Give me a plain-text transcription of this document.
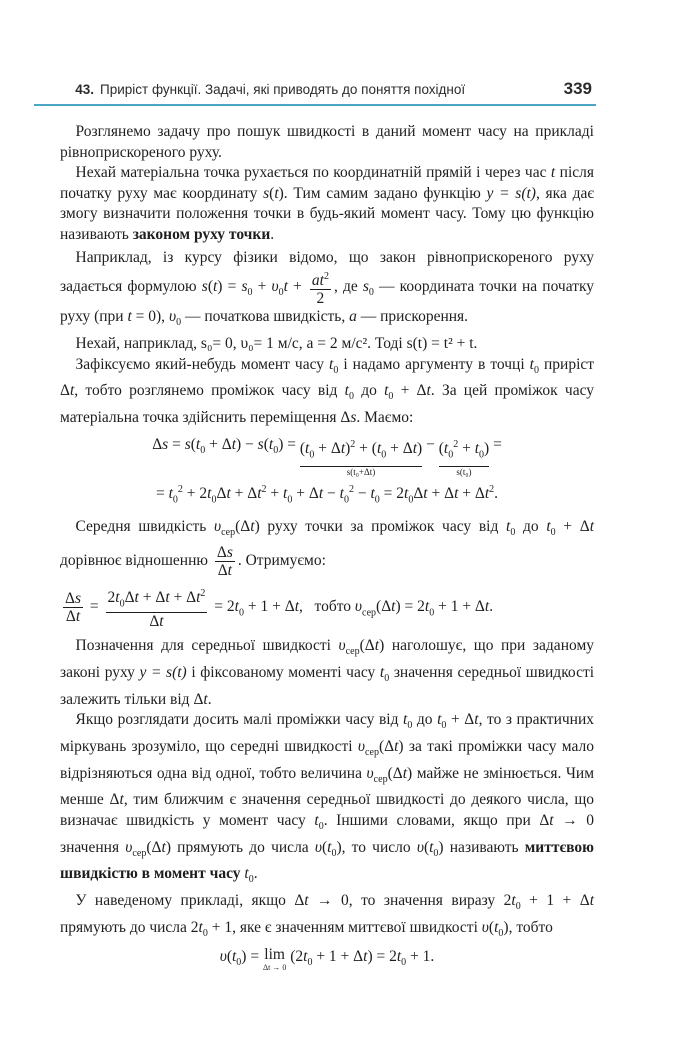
43. Приріст функції. Задачі, які приводять до поняття похідної	339

 Розглянемо задачу про пошук швидкості в даний момент часу на прикладі рівноприскореного руху.

 Нехай матеріальна точка рухається по координатній прямій і через час t після початку руху має координату s(t). Тим самим задано функцію y = s(t), яка дає змогу визначити положення точки в будь-який момент часу. Тому цю функцію називають законом руху точки.

 Наприклад, із курсу фізики відомо, що закон рівноприскореного руху задається формулою $s(t) = s_0 + \upsilon_0t + \frac{at^2}{2}$ , де $s_0$ — координата точки на початку руху (при t = 0), $\upsilon_0$ — початкова швидкість, a — прискорення.

 Нехай, наприклад, s₀= 0, υ₀= 1 м/с, a = 2 м/с². Тоді s(t) = t² + t.

 Зафіксуємо який-небудь момент часу $t_0$ і надамо аргументу в точці $t_0$ приріст Δt, тобто розглянемо проміжок часу від $t_0$ до $t_0 + \Delta t$. За цей проміжок часу матеріальна точка здійснить переміщення Δs. Маємо:

$\Delta s = s(t_0 + \Delta t) - s(t_0) = (t_0 + \Delta t)^2 + (t_0 + \Delta t)$
s(t₀+Δt)
− $(t_0^2 + t_0)$
s(t₀)
=
= $t_0^2 + 2t_0\Delta t + \Delta t^2 + t_0 + \Delta t - t_0^2 - t_0 = 2t_0\Delta t + \Delta t + \Delta t^2$.

 Середня швидкість $\upsilon_{сер}(\Delta t)$ руху точки за проміжок часу від $t_0$ до $t_0 + \Delta t$ дорівнює відношенню $\frac{\Delta s}{\Delta t}$ . Отримуємо:

$\frac{\Delta s}{\Delta t} = \frac{2t_0\Delta t + \Delta t + \Delta t^2}{\Delta t} = 2t_0 + 1 + \Delta t$,   тобто $\upsilon_{сер}(\Delta t) = 2t_0 + 1 + \Delta t$.

 Позначення для середньої швидкості $\upsilon_{сер}(\Delta t)$ наголошує, що при заданому законі руху y = s(t) і фіксованому моменті часу $t_0$ значення середньої швидкості залежить тільки від Δt.

 Якщо розглядати досить малі проміжки часу від $t_0$ до $t_0 + \Delta t$, то з практичних міркувань зрозуміло, що середні швидкості $\upsilon_{сер}(\Delta t)$ за такі проміжки часу мало відрізняються одна від одної, тобто величина $\upsilon_{сер}(\Delta t)$ майже не змінюється. Чим менше Δt, тим ближчим є значення середньої швидкості до деякого числа, що визначає швидкість у момент часу $t_0$. Іншими словами, якщо при Δt → 0 значення $\upsilon_{сер}(\Delta t)$ прямують до числа $\upsilon(t_0)$, то число $\upsilon(t_0)$ називають миттєвою швидкістю в момент часу $t_0$.

 У наведеному прикладі, якщо Δt → 0, то значення виразу $2t_0 + 1 + \Delta t$ прямують до числа $2t_0 + 1$, яке є значенням миттєвої швидкості $\upsilon(t_0)$, тобто

$\upsilon(t_0) = \lim$
Δt → 0
$(2t_0 + 1 + \Delta t) = 2t_0 + 1$.
